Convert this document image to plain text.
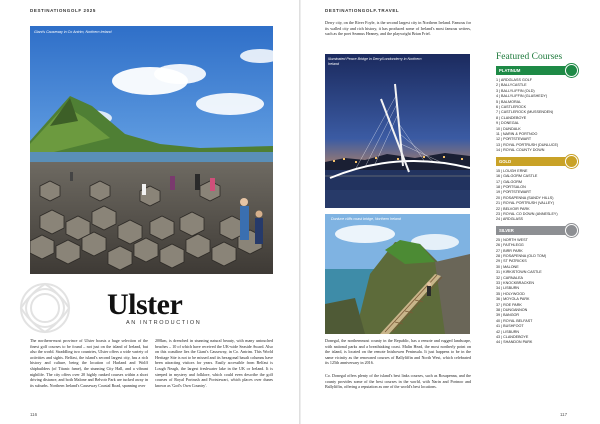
DESTINATIONGOLF 2025
Giant's Causeway in Co Antrim, Northern Ireland
Ulster
AN INTRODUCTION
The northern-most province of Ulster boasts a huge selection of the finest golf courses to be found – not just on the island of Ireland, but also the world. Straddling two countries, Ulster offers a wide variety of activities and sights. Belfast, the island's second largest city, has a rich history and culture, being the location of Harland and Wolff shipbuilders (of Titanic fame), the stunning City Hall, and a vibrant nightlife. The city offers over 20 highly ranked courses within a short driving distance, and both Malone and Belvoir Park are tucked away in its suburbs. Northern Ireland's Causeway Coastal Road, spanning over
200km, is drenched in stunning natural beauty, with many untouched beaches – 10 of which have received the UK-wide Seaside Award. Also on this coastline lies the Giant's Causeway, in Co. Antrim. This World Heritage Site is not to be missed and its hexagonal basalt columns have been attracting visitors for years. Easily accessible from Belfast is Lough Neagh, the largest freshwater lake in the UK or Ireland. It is steeped in mystery and folklore, which could even describe the golf courses of Royal Portrush and Portstewart, which places over dunes known as 'God's Own Country'.
116
DESTINATIONGOLF.TRAVEL
Derry city, on the River Foyle, is the second largest city in Northern Ireland. Famous for its walled city and rich history, it has produced some of Ireland's most famous writers, such as the poet Seamus Heaney, and the playwright Brian Friel.
Illuminated Peace Bridge in Derry/Londonderry in Northern Ireland
Dunluce cliffs coast bridge, Northern Ireland
Donegal, the northernmost county in the Republic, has a remote and rugged landscape, with national parks and a breathtaking coast. Malin Head, the most northerly point on the island, is located on the remote Inishowen Peninsula. It just happens to be in the same vicinity as the renowned courses of Ballyliffin and North West, which celebrated its 125th anniversary in 2016.
Co. Donegal offers plenty of the island's best links courses, such as Rosapenna, and the county provides some of the best courses in the world, with Narin and Portnoo and Ballyliffin, offering a reputation as one of the world's best locations.
Featured Courses
PLATINUM
1 | ARDGLASS GOLF
2 | BALLYCASTLE
3 | BALLYLIFFIN (OLD)
4 | BALLYLIFFIN (GLASHEDY)
5 | BALMORAL
6 | CASTLEROCK
7 | CASTLEROCK (MUSSENDEN)
8 | CLANDEBOYE
9 | DONEGAL
10 | DUNDALK
11 | NARIN & PORTNOO
12 | PORTSTEWART
13 | ROYAL PORTRUSH (DUNLUCE)
14 | ROYAL COUNTY DOWN
GOLD
15 | LOUGH ERNE
16 | GALGORM CASTLE
17 | GALGORM
18 | PORTSALON
19 | PORTSTEWART
20 | ROSAPENNA (SANDY HILLS)
21 | ROYAL PORTRUSH (VALLEY)
22 | BELVOIR PARK
23 | ROYAL CO DOWN (ANNESLEY)
24 | ARDGLASS
SILVER
25 | NORTH WEST
26 | FAITHLEGG
27 | BIRR PARK
28 | ROSAPENNA (OLD TOM)
29 | ST PATRICKS
30 | MALONE
31 | KIRKISTOWN CASTLE
32 | CARNALEA
33 | KNOCKBRACKEN
34 | LISBURN
35 | HOLYWOOD
36 | MOYOLA PARK
37 | ROE PARK
38 | DUNGANNON
39 | BANGOR
40 | ROYAL BELFAST
41 | BUSHFOOT
42 | LISBURN
43 | CLANDEBOYE
44 | SHANDON PARK
117
